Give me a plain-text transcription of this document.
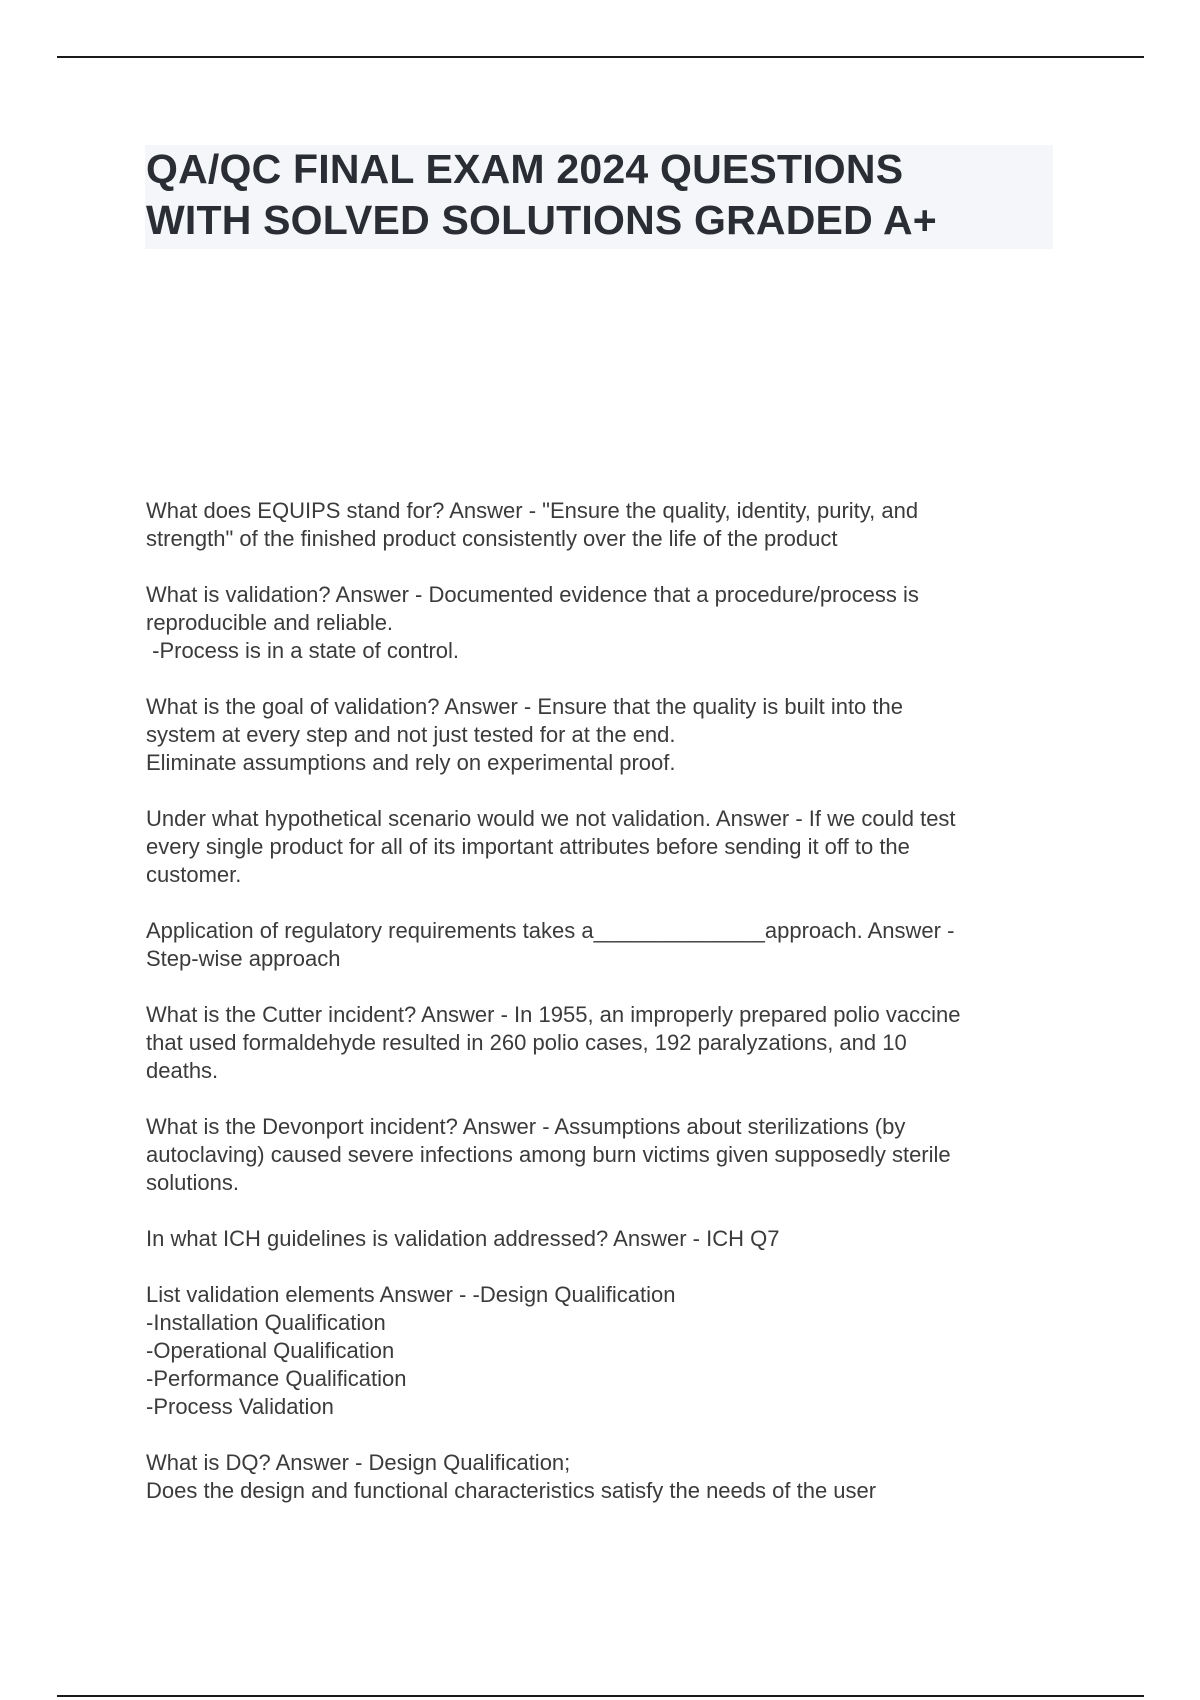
QA/QC FINAL EXAM 2024 QUESTIONS
WITH SOLVED SOLUTIONS GRADED A+

What does EQUIPS stand for? Answer - "Ensure the quality, identity, purity, and
strength" of the finished product consistently over the life of the product

What is validation? Answer - Documented evidence that a procedure/process is
reproducible and reliable.
-Process is in a state of control.

What is the goal of validation? Answer - Ensure that the quality is built into the
system at every step and not just tested for at the end.
Eliminate assumptions and rely on experimental proof.

Under what hypothetical scenario would we not validation. Answer - If we could test
every single product for all of its important attributes before sending it off to the
customer.

Application of regulatory requirements takes a______________approach. Answer -
Step-wise approach

What is the Cutter incident? Answer - In 1955, an improperly prepared polio vaccine
that used formaldehyde resulted in 260 polio cases, 192 paralyzations, and 10
deaths.

What is the Devonport incident? Answer - Assumptions about sterilizations (by
autoclaving) caused severe infections among burn victims given supposedly sterile
solutions.

In what ICH guidelines is validation addressed? Answer - ICH Q7

List validation elements Answer - -Design Qualification
-Installation Qualification
-Operational Qualification
-Performance Qualification
-Process Validation

What is DQ? Answer - Design Qualification;
Does the design and functional characteristics satisfy the needs of the user
